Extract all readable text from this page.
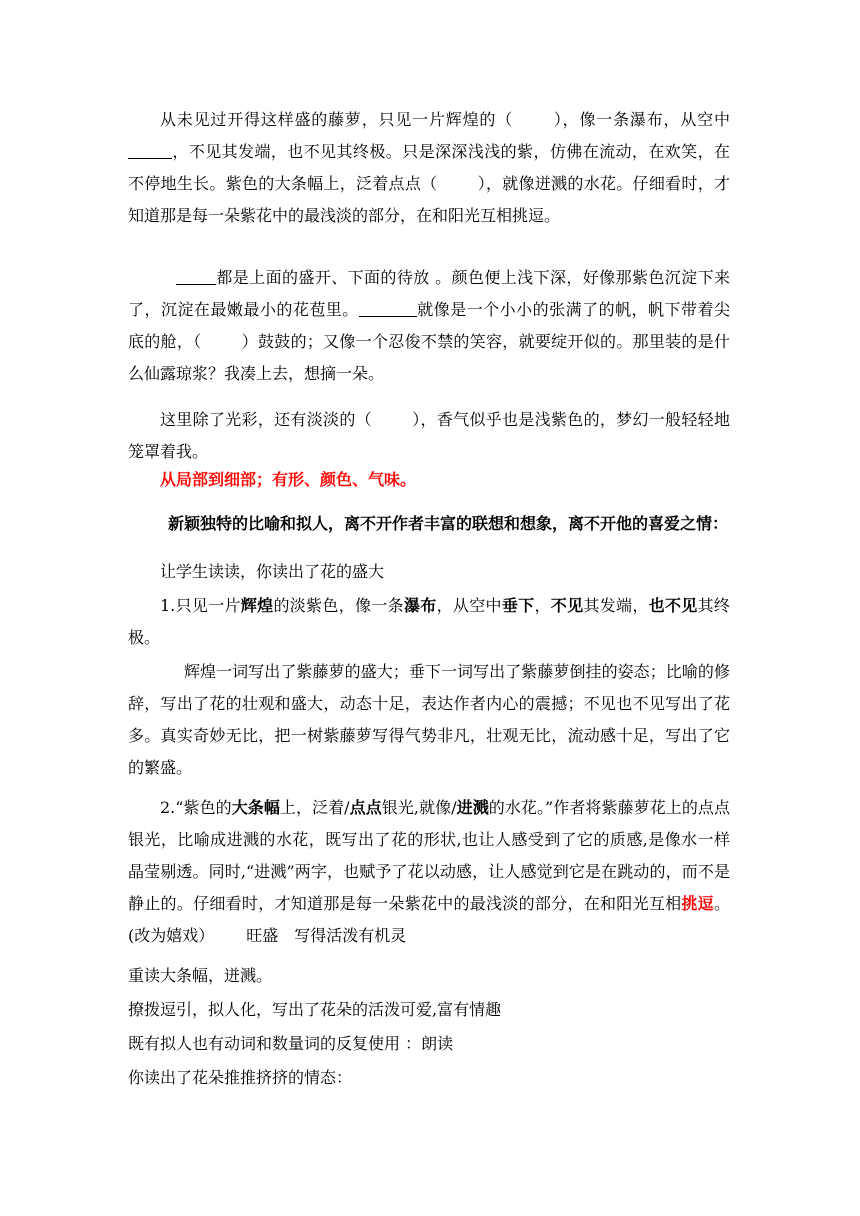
从未见过开得这样盛的藤萝，只见一片辉煌的（	），像一条瀑布，从空中，不见其发端，也不见其终极。只是深深浅浅的紫，仿佛在流动，在欢笑，在不停地生长。紫色的大条幅上，泛着点点（	），就像迸溅的水花。仔细看时，才知道那是每一朵紫花中的最浅淡的部分，在和阳光互相挑逗。
都是上面的盛开、下面的待放 。颜色便上浅下深，好像那紫色沉淀下来了，沉淀在最嫩最小的花苞里。	就像是一个小小的张满了的帆，帆下带着尖底的舱，（	）鼓鼓的；又像一个忍俊不禁的笑容，就要绽开似的。那里装的是什么仙露琼浆？我凑上去，想摘一朵。
这里除了光彩，还有淡淡的（	），香气似乎也是浅紫色的，梦幻一般轻轻地笼罩着我。
从局部到细部；有形、颜色、气味。
新颖独特的比喻和拟人，离不开作者丰富的联想和想象，离不开他的喜爱之情：
让学生读读，你读出了花的盛大
1.只见一片辉煌的淡紫色，像一条瀑布，从空中垂下，不见其发端，也不见其终极。
辉煌一词写出了紫藤萝的盛大；垂下一词写出了紫藤萝倒挂的姿态；比喻的修辞，写出了花的壮观和盛大，动态十足，表达作者内心的震撼；不见也不见写出了花多。真实奇妙无比，把一树紫藤萝写得气势非凡，壮观无比，流动感十足，写出了它的繁盛。
2.“紫色的大条幅上，泛着/点点银光,就像/进溅的水花。”作者将紫藤萝花上的点点银光，比喻成进溅的水花，既写出了花的形状,也让人感受到了它的质感,是像水一样晶莹剔透。同时,“进溅”两字，也赋予了花以动感，让人感觉到它是在跳动的，而不是静止的。仔细看时，才知道那是每一朵紫花中的最浅淡的部分，在和阳光互相挑逗。(改为嬉戏） 旺盛 写得活泼有机灵
重读大条幅，迸溅。
撩拨逗引，拟人化，写出了花朵的活泼可爱,富有情趣
既有拟人也有动词和数量词的反复使用 ：朗读
你读出了花朵推推挤挤的情态：
